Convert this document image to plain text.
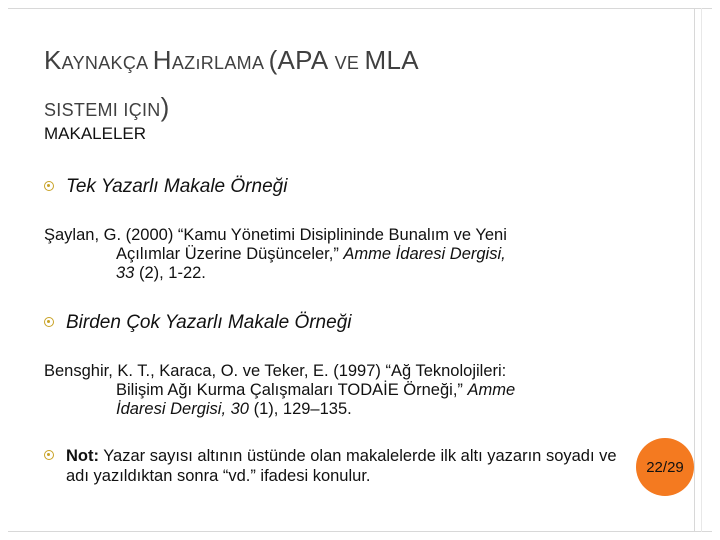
KAYNAKÇA HAZıRLAMA (APA VE MLA
SISTEMI IÇIN)
MAKALELER
Tek Yazarlı Makale Örneği
Şaylan, G. (2000) “Kamu Yönetimi Disiplininde Bunalım ve Yeni
Açılımlar Üzerine Düşünceler,” Amme İdaresi Dergisi,
33 (2), 1-22.
Birden Çok Yazarlı Makale Örneği
Bensghir, K. T., Karaca, O. ve Teker, E. (1997) “Ağ Teknolojileri:
Bilişim Ağı Kurma Çalışmaları TODAİE Örneği,” Amme
İdaresi Dergisi, 30 (1), 129–135.
Not: Yazar sayısı altının üstünde olan makalelerde ilk altı yazarın soyadı ve adı yazıldıktan sonra “vd.” ifadesi konulur.	22/29
